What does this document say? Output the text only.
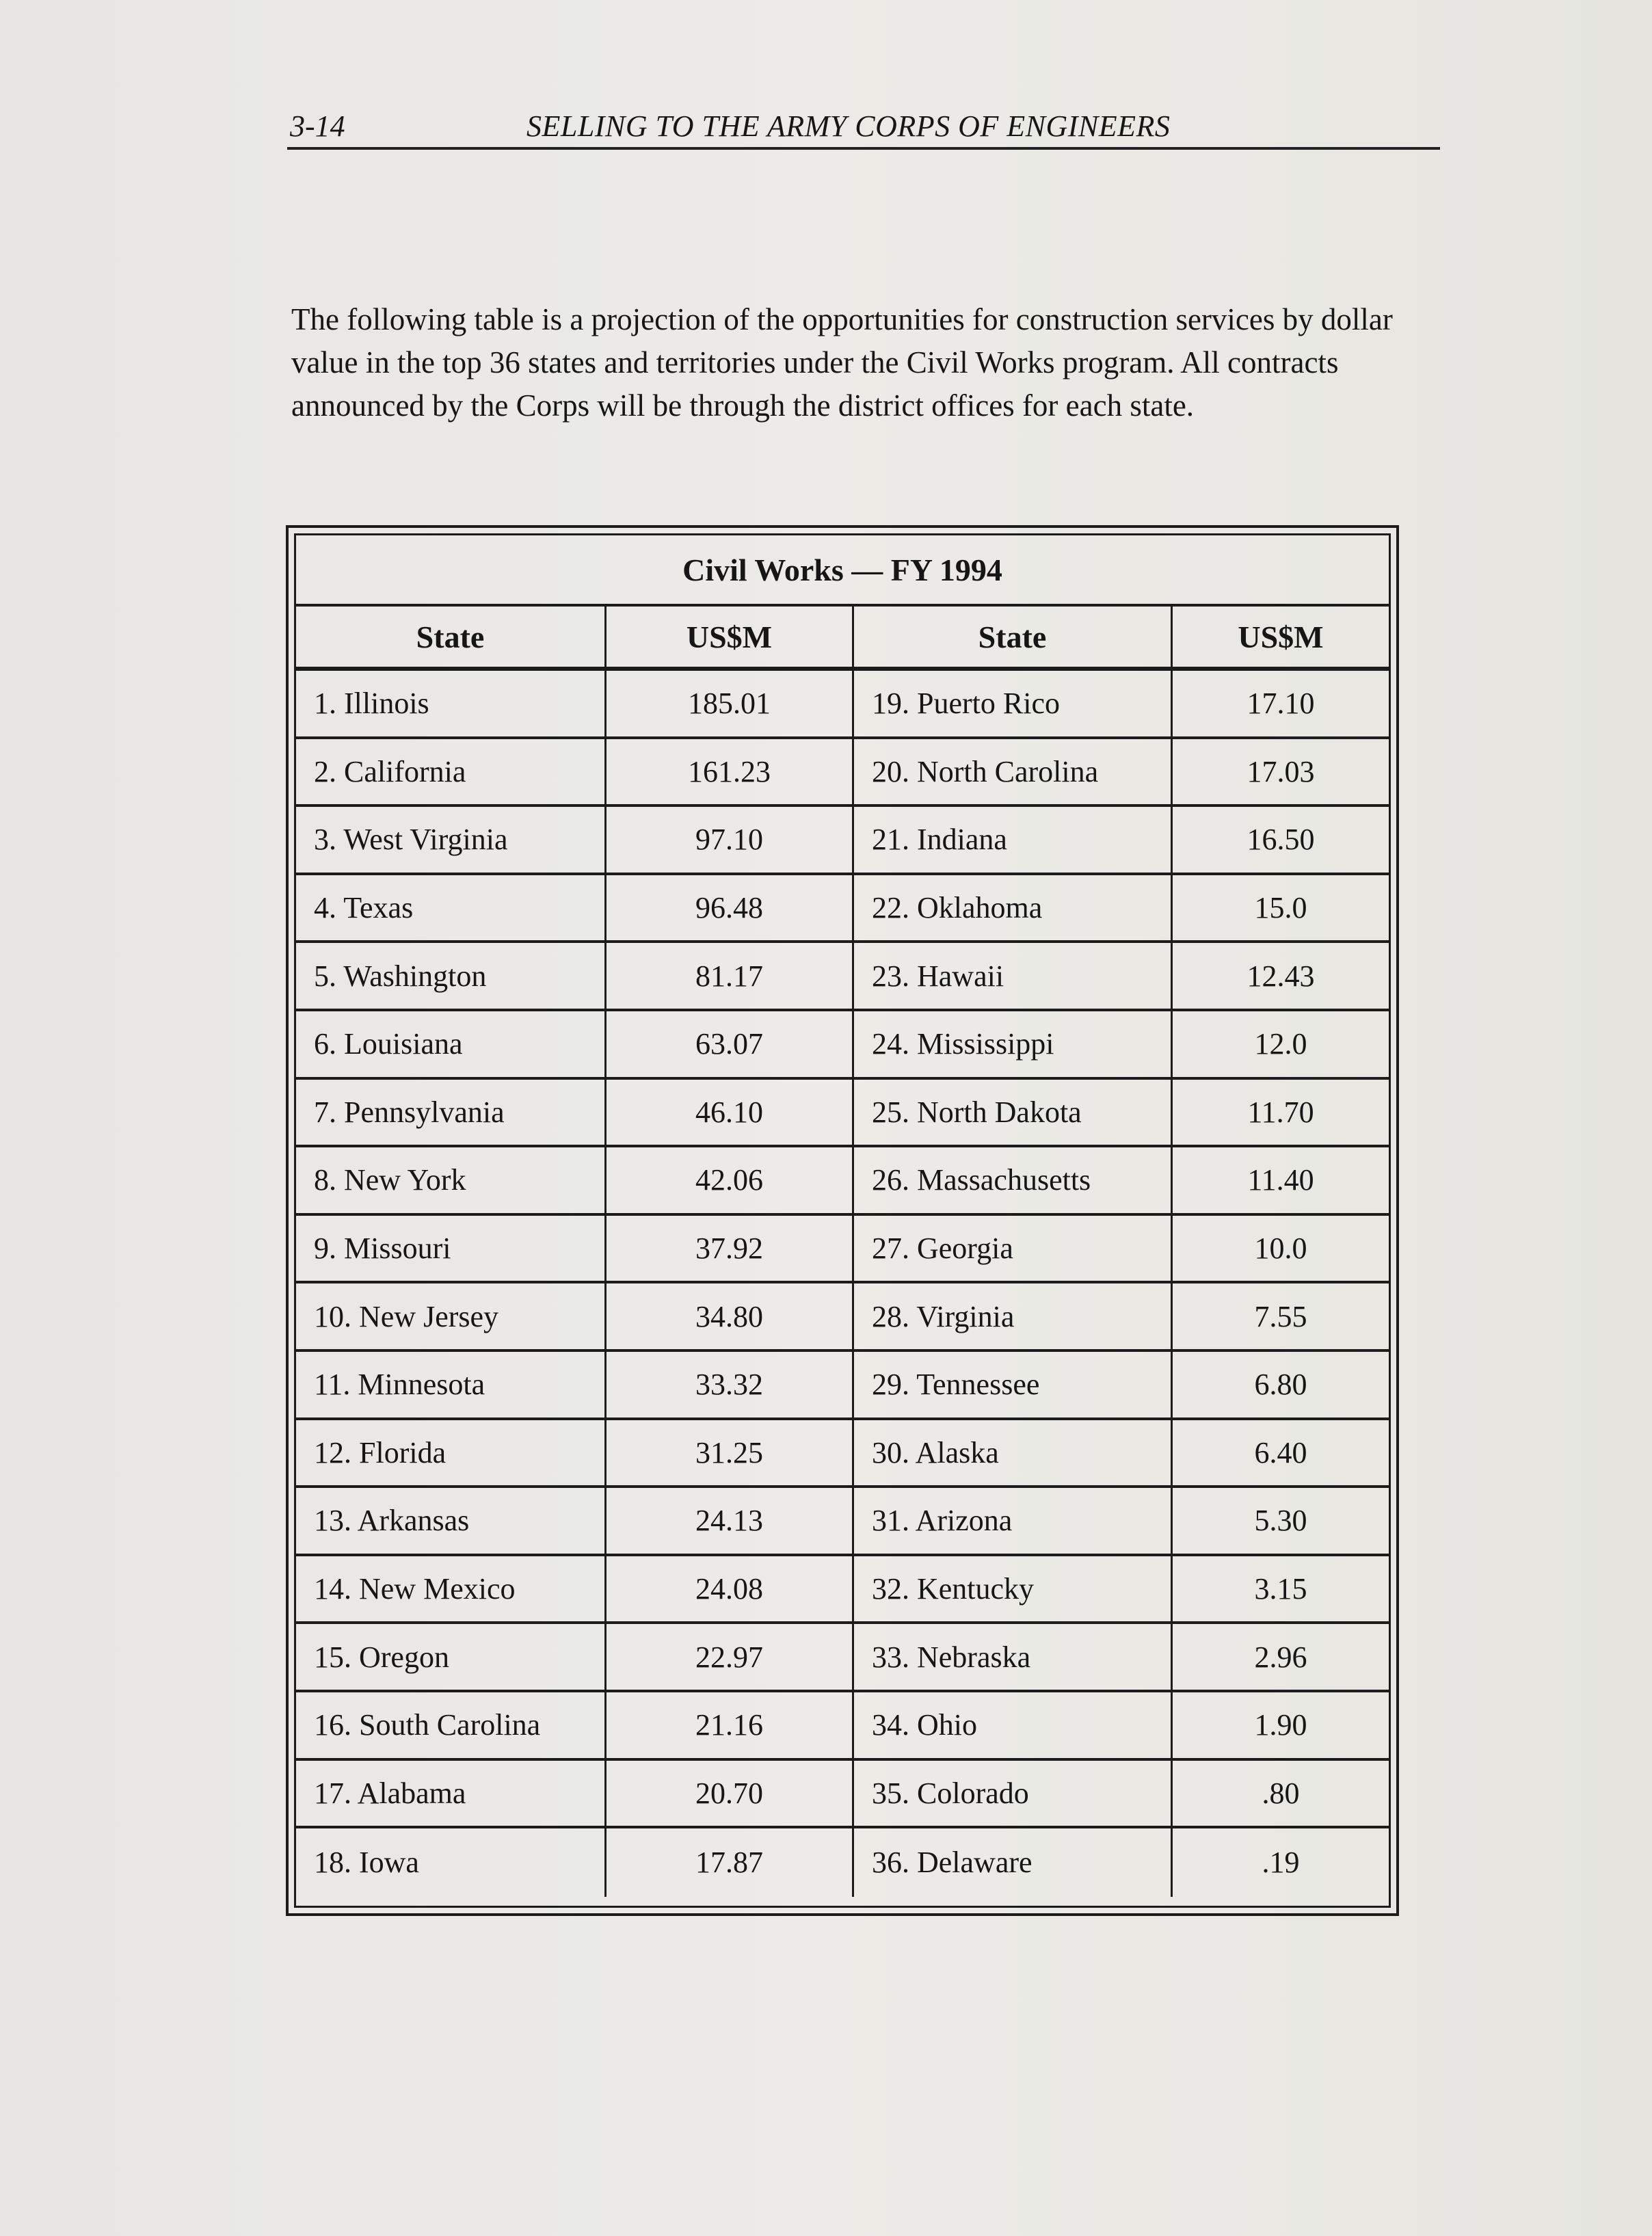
3-14	SELLING TO THE ARMY CORPS OF ENGINEERS

The following table is a projection of the opportunities for construction services by dollar value in the top 36 states and territories under the Civil Works program. All contracts announced by the Corps will be through the district offices for each state.

Civil Works — FY 1994
State	US$M	State	US$M
1. Illinois	185.01	19. Puerto Rico	17.10
2. California	161.23	20. North Carolina	17.03
3. West Virginia	97.10	21. Indiana	16.50
4. Texas	96.48	22. Oklahoma	15.0
5. Washington	81.17	23. Hawaii	12.43
6. Louisiana	63.07	24. Mississippi	12.0
7. Pennsylvania	46.10	25. North Dakota	11.70
8. New York	42.06	26. Massachusetts	11.40
9. Missouri	37.92	27. Georgia	10.0
10. New Jersey	34.80	28. Virginia	7.55
11. Minnesota	33.32	29. Tennessee	6.80
12. Florida	31.25	30. Alaska	6.40
13. Arkansas	24.13	31. Arizona	5.30
14. New Mexico	24.08	32. Kentucky	3.15
15. Oregon	22.97	33. Nebraska	2.96
16. South Carolina	21.16	34. Ohio	1.90
17. Alabama	20.70	35. Colorado	.80
18. Iowa	17.87	36. Delaware	.19
